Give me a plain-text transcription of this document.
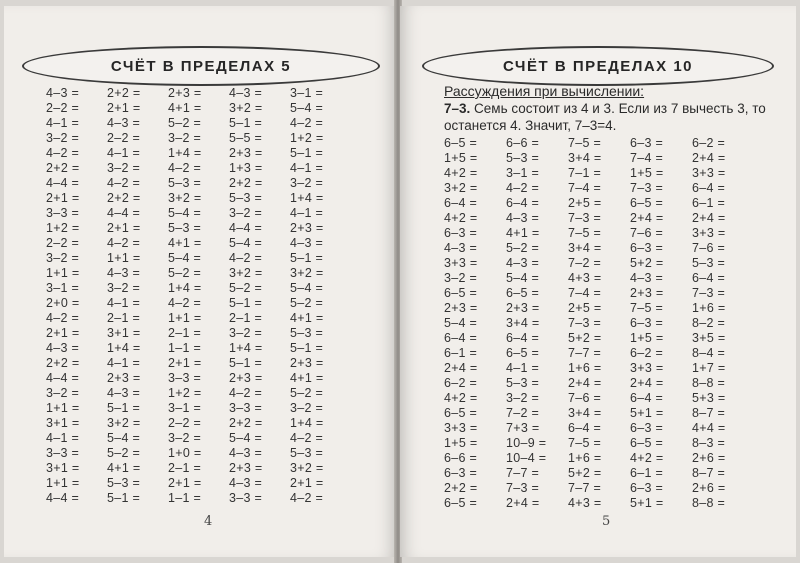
СЧЁТ В ПРЕДЕЛАХ 5
4–3 =	2+2 =	2+3 =	4–3 =	3–1 =
2–2 =	2+1 =	4+1 =	3+2 =	5–4 =
4–1 =	4–3 =	5–2 =	5–1 =	4–2 =
3–2 =	2–2 =	3–2 =	5–5 =	1+2 =
4–2 =	4–1 =	1+4 =	2+3 =	5–1 =
2+2 =	3–2 =	4–2 =	1+3 =	4–1 =
4–4 =	4–2 =	5–3 =	2+2 =	3–2 =
2+1 =	2+2 =	3+2 =	5–3 =	1+4 =
3–3 =	4–4 =	5–4 =	3–2 =	4–1 =
1+2 =	2+1 =	5–3 =	4–4 =	2+3 =
2–2 =	4–2 =	4+1 =	5–4 =	4–3 =
3–2 =	1+1 =	5–4 =	4–2 =	5–1 =
1+1 =	4–3 =	5–2 =	3+2 =	3+2 =
3–1 =	3–2 =	1+4 =	5–2 =	5–4 =
2+0 =	4–1 =	4–2 =	5–1 =	5–2 =
4–2 =	2–1 =	1+1 =	2–1 =	4+1 =
2+1 =	3+1 =	2–1 =	3–2 =	5–3 =
4–3 =	1+4 =	1–1 =	1+4 =	5–1 =
2+2 =	4–1 =	2+1 =	5–1 =	2+3 =
4–4 =	2+3 =	3–3 =	2+3 =	4+1 =
3–2 =	4–3 =	1+2 =	4–2 =	5–2 =
1+1 =	5–1 =	3–1 =	3–3 =	3–2 =
3+1 =	3+2 =	2–2 =	2+2 =	1+4 =
4–1 =	5–4 =	3–2 =	5–4 =	4–2 =
3–3 =	5–2 =	1+0 =	4–3 =	5–3 =
3+1 =	4+1 =	2–1 =	2+3 =	3+2 =
1+1 =	5–3 =	2+1 =	4–3 =	2+1 =
4–4 =	5–1 =	1–1 =	3–3 =	4–2 =
4
СЧЁТ В ПРЕДЕЛАХ 10
Рассуждения при вычислении:
7–3. Семь состоит из 4 и 3. Если из 7 вычесть 3, то останется 4. Значит, 7–3=4.
6–5 =	6–6 =	7–5 =	6–3 =	6–2 =
1+5 =	5–3 =	3+4 =	7–4 =	2+4 =
4+2 =	3–1 =	7–1 =	1+5 =	3+3 =
3+2 =	4–2 =	7–4 =	7–3 =	6–4 =
6–4 =	6–4 =	2+5 =	6–5 =	6–1 =
4+2 =	4–3 =	7–3 =	2+4 =	2+4 =
6–3 =	4+1 =	7–5 =	7–6 =	3+3 =
4–3 =	5–2 =	3+4 =	6–3 =	7–6 =
3+3 =	4–3 =	7–2 =	5+2 =	5–3 =
3–2 =	5–4 =	4+3 =	4–3 =	6–4 =
6–5 =	6–5 =	7–4 =	2+3 =	7–3 =
2+3 =	2+3 =	2+5 =	7–5 =	1+6 =
5–4 =	3+4 =	7–3 =	6–3 =	8–2 =
6–4 =	6–4 =	5+2 =	1+5 =	3+5 =
6–1 =	6–5 =	7–7 =	6–2 =	8–4 =
2+4 =	4–1 =	1+6 =	3+3 =	1+7 =
6–2 =	5–3 =	2+4 =	2+4 =	8–8 =
4+2 =	3–2 =	7–6 =	6–4 =	5+3 =
6–5 =	7–2 =	3+4 =	5+1 =	8–7 =
3+3 =	7+3 =	6–4 =	6–3 =	4+4 =
1+5 =	10–9 =	7–5 =	6–5 =	8–3 =
6–6 =	10–4 =	1+6 =	4+2 =	2+6 =
6–3 =	7–7 =	5+2 =	6–1 =	8–7 =
2+2 =	7–3 =	7–7 =	6–3 =	2+6 =
6–5 =	2+4 =	4+3 =	5+1 =	8–8 =
5
